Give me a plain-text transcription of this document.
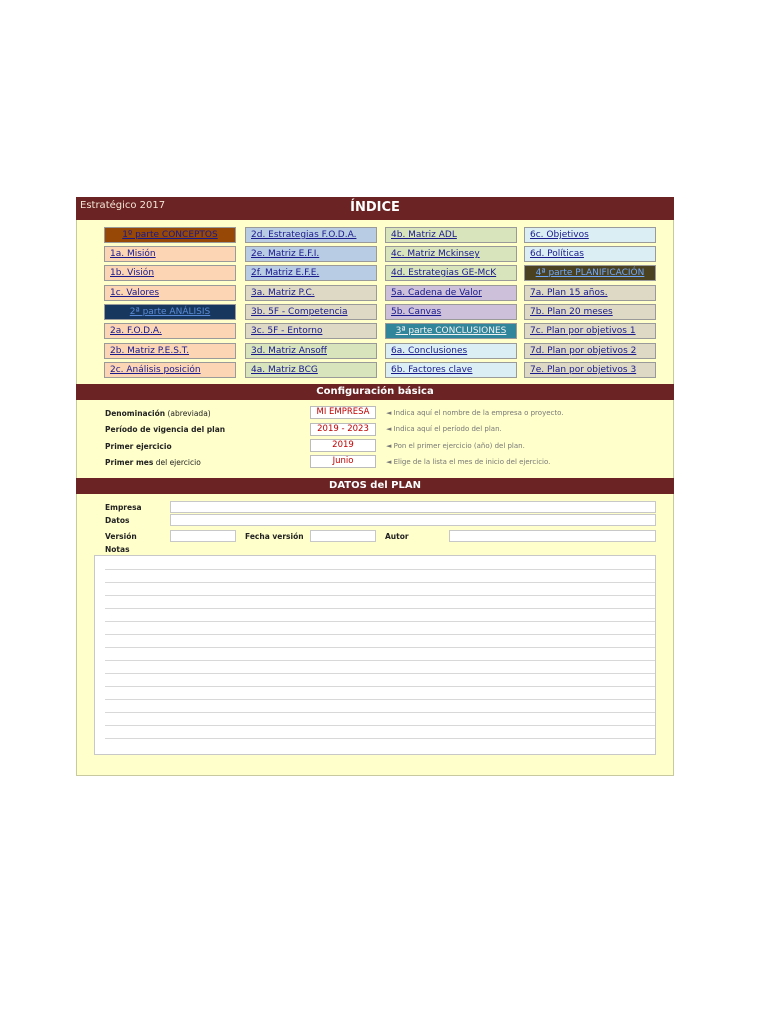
Estratégico 2017	ÍNDICE
1º parte CONCEPTOS
1a. Misión
1b. Visión
1c. Valores
2ª parte ANÁLISIS
2a. F.O.D.A.
2b. Matriz P.E.S.T.
2c. Análisis posición
2d. Estrategias F.O.D.A.
2e. Matriz E.F.I.
2f. Matriz E.F.E.
3a. Matriz P.C.
3b. 5F - Competencia
3c. 5F - Entorno
3d. Matriz Ansoff
4a. Matriz BCG
4b. Matriz ADL
4c. Matriz Mckinsey
4d. Estrategias GE-McK
5a. Cadena de Valor
5b. Canvas
3ª parte CONCLUSIONES
6a. Conclusiones
6b. Factores clave
6c. Objetivos
6d. Políticas
4ª parte PLANIFICACIÓN
7a. Plan 15 años.
7b. Plan 20 meses
7c. Plan por objetivos 1
7d. Plan por objetivos 2
7e. Plan por objetivos 3
Configuración básica
Denominación (abreviada)	MI EMPRESA	◄ Indica aquí el nombre de la empresa o proyecto.
Período de vigencia del plan	2019 - 2023	◄ Indica aquí el período del plan.
Primer ejercicio	2019	◄ Pon el primer ejercicio (año) del plan.
Primer mes del ejercicio	Junio	◄ Elige de la lista el mes de inicio del ejercicio.
DATOS del PLAN
Empresa
Datos
Versión	Fecha versión	Autor
Notas
